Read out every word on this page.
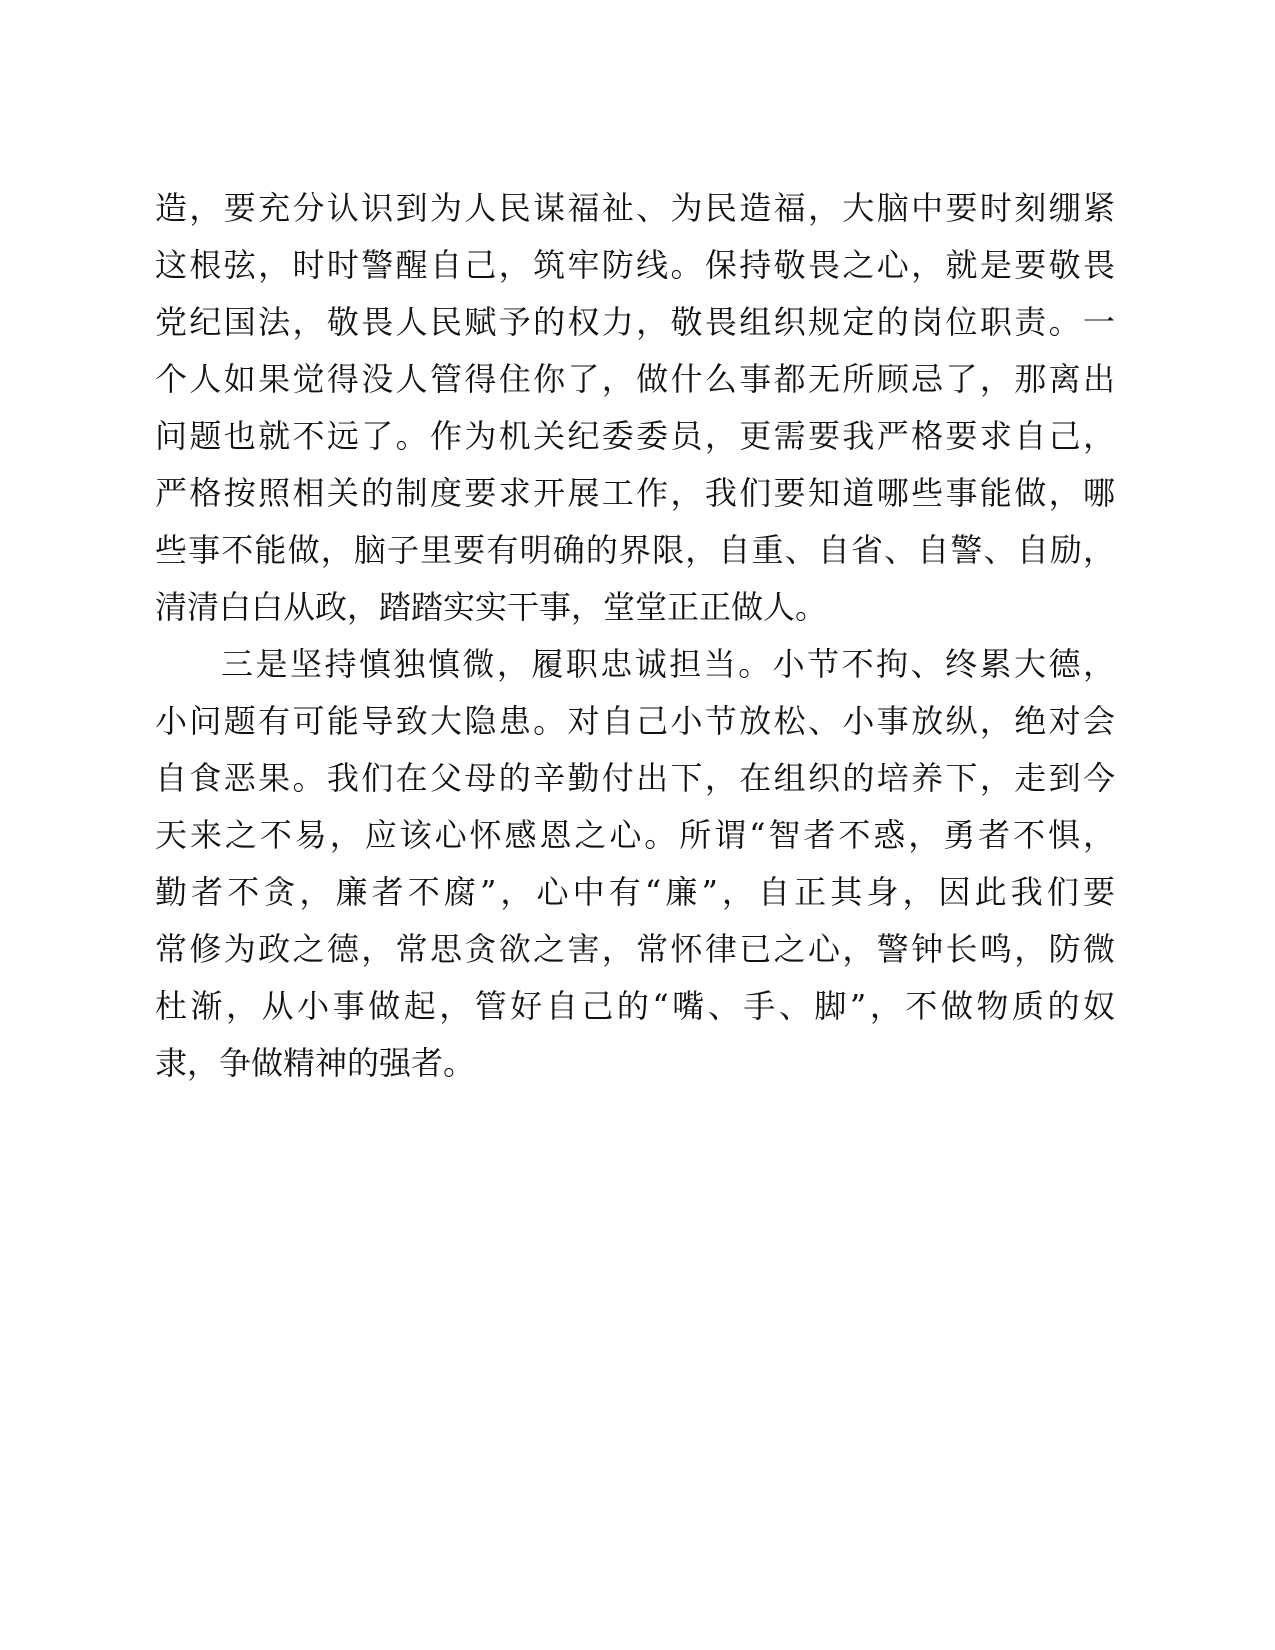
造，要充分认识到为人民谋福祉、为民造福，大脑中要时刻绷紧
这根弦，时时警醒自己，筑牢防线。保持敬畏之心，就是要敬畏
党纪国法，敬畏人民赋予的权力，敬畏组织规定的岗位职责。一
个人如果觉得没人管得住你了，做什么事都无所顾忌了，那离出
问题也就不远了。作为机关纪委委员，更需要我严格要求自己，
严格按照相关的制度要求开展工作，我们要知道哪些事能做，哪
些事不能做，脑子里要有明确的界限，自重、自省、自警、自励，
清清白白从政，踏踏实实干事，堂堂正正做人。
三是坚持慎独慎微，履职忠诚担当。小节不拘、终累大德，
小问题有可能导致大隐患。对自己小节放松、小事放纵，绝对会
自食恶果。我们在父母的辛勤付出下，在组织的培养下，走到今
天来之不易，应该心怀感恩之心。所谓“智者不惑，勇者不惧，
勤者不贪，廉者不腐”，心中有“廉”，自正其身，因此我们要
常修为政之德，常思贪欲之害，常怀律已之心，警钟长鸣，防微
杜渐，从小事做起，管好自己的“嘴、手、脚”，不做物质的奴
隶，争做精神的强者。
